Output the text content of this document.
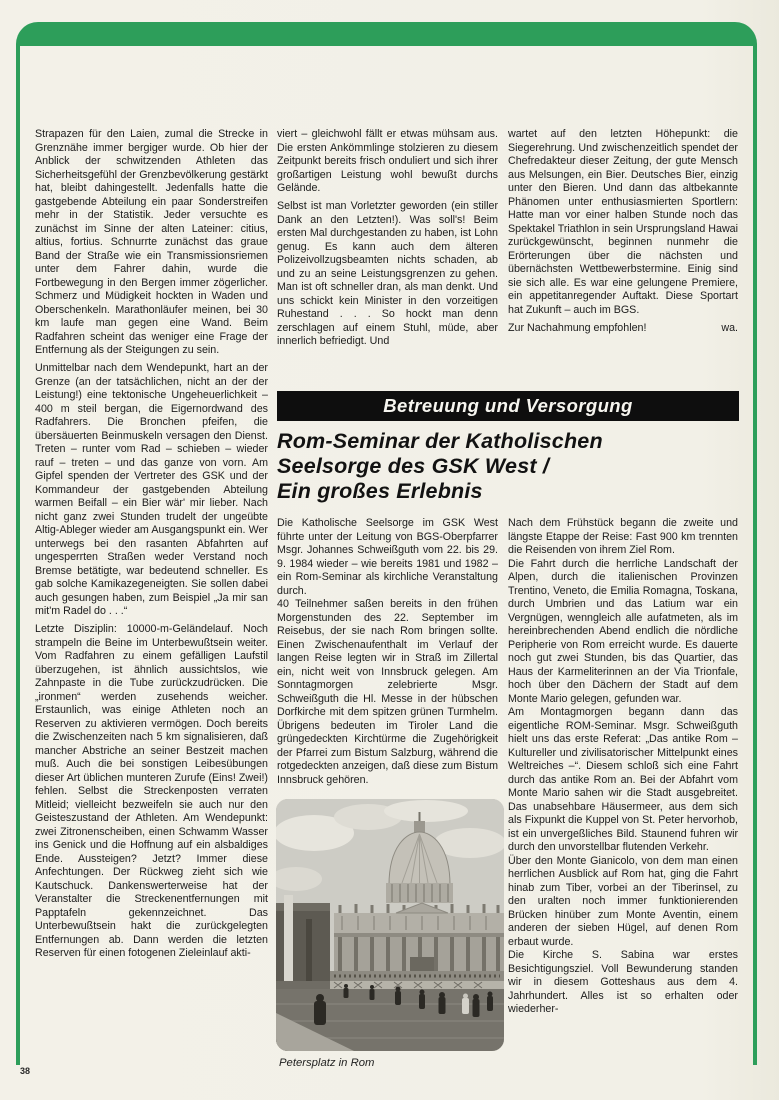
Strapazen für den Laien, zumal die Strecke in Grenznähe immer bergiger wurde. Ob hier der Anblick der schwitzenden Athleten das Sicherheitsgefühl der Grenzbevölkerung gestärkt hat, bleibt dahingestellt. Jedenfalls hatte die gastgebende Abteilung ein paar Sonderstreifen mehr in der Statistik. Jeder versuchte es zunächst im Sinne der alten Lateiner: citius, altius, fortius. Schnurrte zunächst das graue Band der Straße wie ein Transmissionsriemen unter dem Fahrer dahin, wurde die Fortbewegung in den Bergen immer zögerlicher. Schmerz und Müdigkeit hockten in Waden und Oberschenkeln. Marathonläufer meinen, bei 30 km laufe man gegen eine Wand. Beim Radfahren scheint das weniger eine Frage der Entfernung als der Steigungen zu sein.

Unmittelbar nach dem Wendepunkt, hart an der Grenze (an der tatsächlichen, nicht an der der Leistung!) eine tektonische Ungeheuerlichkeit – 400 m steil bergan, die Eigernordwand des Radfahrers. Die Bronchen pfeifen, die übersäuerten Beinmuskeln versagen den Dienst. Treten – runter vom Rad – schieben – wieder rauf – treten – und das ganze von vorn. Am Gipfel spenden der Vertreter des GSK und der Kommandeur der gastgebenden Abteilung warmen Beifall – ein Bier wär' mir lieber. Nach nicht ganz zwei Stunden trudelt der ungeübte Altig-Ableger wieder am Ausgangspunkt ein. Wer unterwegs bei den rasanten Abfahrten auf ungesperrten Straßen weder Verstand noch Bremse betätigte, war bedeutend schneller. Es gab solche Kamikazegeneigten. Sie sollen dabei auch gesungen haben, zum Beispiel „Ja mir san mit'm Radel do . . .“

Letzte Disziplin: 10000-m-Geländelauf. Noch strampeln die Beine im Unterbewußtsein weiter. Vom Radfahren zu einem gefälligen Laufstil überzugehen, ist ähnlich aussichtslos, wie Zahnpaste in die Tube zurückzudrücken. Die „ironmen“ werden zusehends weicher. Erstaunlich, was einige Athleten noch an Reserven zu aktivieren vermögen. Doch bereits die Zwischenzeiten nach 5 km signalisieren, daß mancher Abstriche an seiner Bestzeit machen muß. Auch die bei sonstigen Leibesübungen dieser Art üblichen munteren Zurufe (Eins! Zwei!) fehlen. Selbst die Streckenposten verraten Mitleid; vielleicht bezweifeln sie auch nur den Geisteszustand der Athleten. Am Wendepunkt: zwei Zitronenscheiben, einen Schwamm Wasser ins Genick und die Hoffnung auf ein alsbaldiges Ende. Aussteigen? Jetzt? Immer diese Anfechtungen. Der Rückweg zieht sich wie Kautschuck. Dankenswerterweise hat der Veranstalter die Streckenentfernungen mit Papptafeln gekennzeichnet. Das Unterbewußtsein hakt die zurückgelegten Entfernungen ab. Dann werden die letzten Reserven für einen fotogenen Zieleinlauf akti-

viert – gleichwohl fällt er etwas mühsam aus. Die ersten Ankömmlinge stolzieren zu diesem Zeitpunkt bereits frisch onduliert und sich ihrer großartigen Leistung wohl bewußt durchs Gelände.

Selbst ist man Vorletzter geworden (ein stiller Dank an den Letzten!). Was soll's! Beim ersten Mal durchgestanden zu haben, ist Lohn genug. Es kann auch dem älteren Polizeivollzugsbeamten nichts schaden, ab und zu an seine Leistungsgrenzen zu gehen. Man ist oft schneller dran, als man denkt. Und uns schickt kein Minister in den vorzeitigen Ruhestand . . . So hockt man denn zerschlagen auf einem Stuhl, müde, aber innerlich befriedigt. Und

wartet auf den letzten Höhepunkt: die Siegerehrung. Und zwischenzeitlich spendet der Chefredakteur dieser Zeitung, der gute Mensch aus Melsungen, ein Bier. Deutsches Bier, einzig unter den Bieren. Und dann das altbekannte Phänomen unter enthusiasmierten Sportlern: Hatte man vor einer halben Stunde noch das Spektakel Triathlon in sein Ursprungsland Hawai zurückgewünscht, beginnen nunmehr die Erörterungen über die nächsten und übernächsten Wettbewerbstermine. Einig sind sie sich alle. Es war eine gelungene Premiere, ein appetitanregender Auftakt. Diese Sportart hat Zukunft – auch im BGS.

Zur Nachahmung empfohlen!	wa.
Betreuung und Versorgung
Rom-Seminar der Katholischen
Seelsorge des GSK West /
Ein großes Erlebnis

Die Katholische Seelsorge im GSK West führte unter der Leitung von BGS-Oberpfarrer Msgr. Johannes Schweißguth vom 22. bis 29. 9. 1984 wieder – wie bereits 1981 und 1982 – ein Rom-Seminar als kirchliche Veranstaltung durch.

40 Teilnehmer saßen bereits in den frühen Morgenstunden des 22. September im Reisebus, der sie nach Rom bringen sollte. Einen Zwischenaufenthalt im Verlauf der langen Reise legten wir in Straß im Zillertal ein, nicht weit von Innsbruck gelegen. Am Sonntagmorgen zelebrierte Msgr. Schweißguth die Hl. Messe in der hübschen Dorfkirche mit dem spitzen grünen Turmhelm. Übrigens bedeuten im Tiroler Land die grüngedeckten Kirchtürme die Zugehörigkeit der Pfarrei zum Bistum Salzburg, während die rotgedeckten anzeigen, daß diese zum Bistum Innsbruck gehören.

Nach dem Frühstück begann die zweite und längste Etappe der Reise: Fast 900 km trennten die Reisenden von ihrem Ziel Rom.

Die Fahrt durch die herrliche Landschaft der Alpen, durch die italienischen Provinzen Trentino, Veneto, die Emilia Romagna, Toskana, durch Umbrien und das Latium war ein Vergnügen, wenngleich alle aufatmeten, als im hereinbrechenden Abend endlich die nördliche Peripherie von Rom erreicht wurde. Es dauerte noch gut zwei Stunden, bis das Quartier, das Haus der Karmeliterinnen an der Via Trionfale, hoch über den Dächern der Stadt auf dem Monte Mario gelegen, gefunden war.

Am Montagmorgen begann dann das eigentliche ROM-Seminar. Msgr. Schweißguth hielt uns das erste Referat: „Das antike Rom – Kultureller und zivilisatorischer Mittelpunkt eines Weltreiches –“. Diesem schloß sich eine Fahrt durch das antike Rom an. Bei der Abfahrt vom Monte Mario sahen wir die Stadt ausgebreitet. Das unabsehbare Häusermeer, aus dem sich als Fixpunkt die Kuppel von St. Peter hervorhob, ist ein unvergeßliches Bild. Staunend fuhren wir durch den unvorstellbar flutenden Verkehr.

Über den Monte Gianicolo, von dem man einen herrlichen Ausblick auf Rom hat, ging die Fahrt hinab zum Tiber, vorbei an der Tiberinsel, zu den uralten noch immer funktionierenden Brücken hinüber zum Monte Aventin, einem anderen der sieben Hügel, auf denen Rom erbaut wurde.

Die Kirche S. Sabina war erstes Besichtigungsziel. Voll Bewunderung standen wir in diesem Gotteshaus aus dem 4. Jahrhundert. Alles ist so erhalten oder wiederher-

Petersplatz in Rom
38
